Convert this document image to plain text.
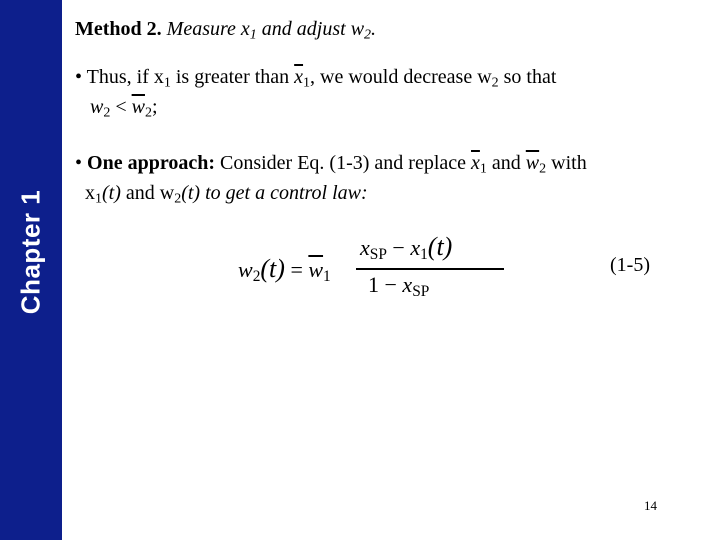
Chapter 1
Method 2. Measure $x_1$ and adjust $w_2$.
• Thus, if $x_1$ is greater than $\overline{x}_1$, we would decrease $w_2$ so that
$w_2 < \overline{w}_2$;
• One approach: Consider Eq. (1-3) and replace $\overline{x}_1$ and $\overline{w}_2$ with
$x_1(t)$ and $w_2(t)$ to get a control law:
$w_2(t) = \overline{w}_1$
$x_{SP} - x_1(t)$
$1 - x_{SP}$
(1-5)
14
